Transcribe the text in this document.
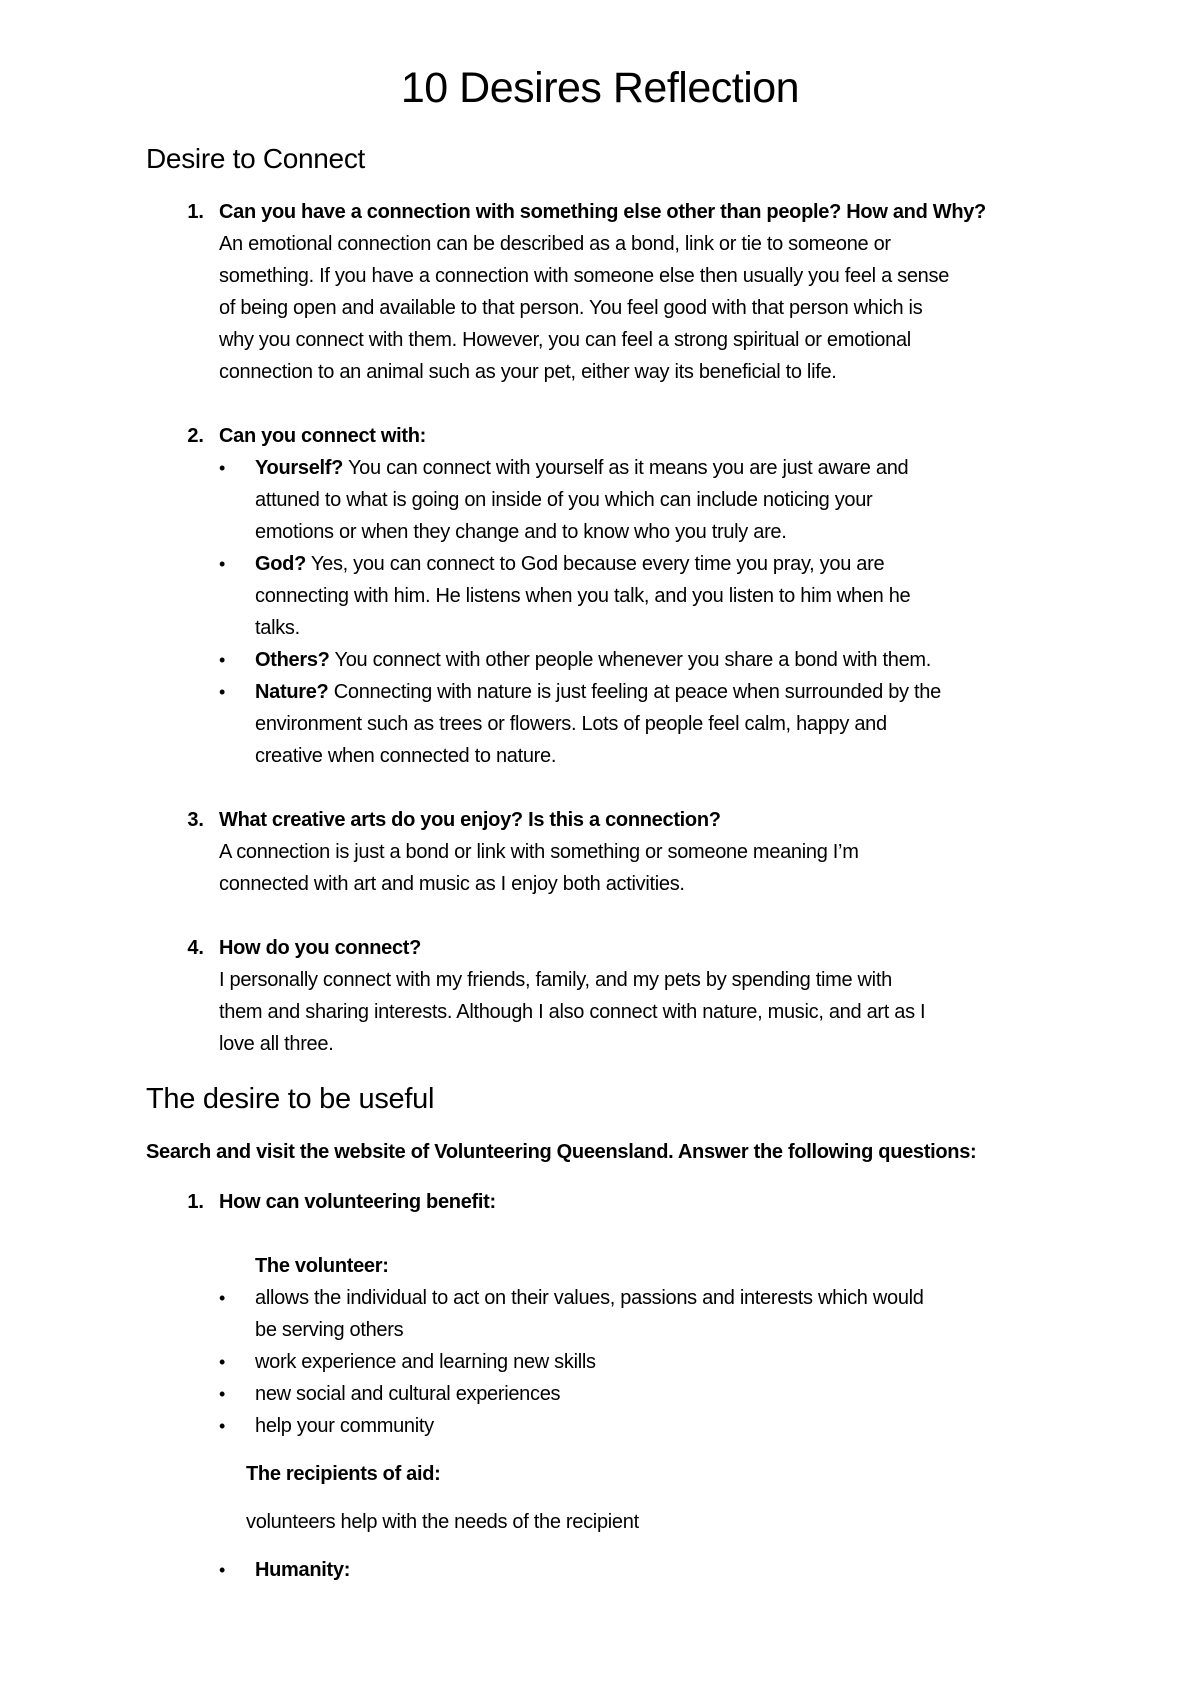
10 Desires Reflection
Desire to Connect
1. Can you have a connection with something else other than people? How and Why?
An emotional connection can be described as a bond, link or tie to someone or
something. If you have a connection with someone else then usually you feel a sense
of being open and available to that person. You feel good with that person which is
why you connect with them. However, you can feel a strong spiritual or emotional
connection to an animal such as your pet, either way its beneficial to life.
2. Can you connect with:
• Yourself? You can connect with yourself as it means you are just aware and
attuned to what is going on inside of you which can include noticing your
emotions or when they change and to know who you truly are.
• God? Yes, you can connect to God because every time you pray, you are
connecting with him. He listens when you talk, and you listen to him when he
talks.
• Others? You connect with other people whenever you share a bond with them.
• Nature? Connecting with nature is just feeling at peace when surrounded by the
environment such as trees or flowers. Lots of people feel calm, happy and
creative when connected to nature.
3. What creative arts do you enjoy? Is this a connection?
A connection is just a bond or link with something or someone meaning I’m
connected with art and music as I enjoy both activities.
4. How do you connect?
I personally connect with my friends, family, and my pets by spending time with
them and sharing interests. Although I also connect with nature, music, and art as I
love all three.
The desire to be useful
Search and visit the website of Volunteering Queensland. Answer the following questions:
1. How can volunteering benefit:
The volunteer:
• allows the individual to act on their values, passions and interests which would
be serving others
• work experience and learning new skills
• new social and cultural experiences
• help your community
The recipients of aid:
volunteers help with the needs of the recipient
• Humanity:
